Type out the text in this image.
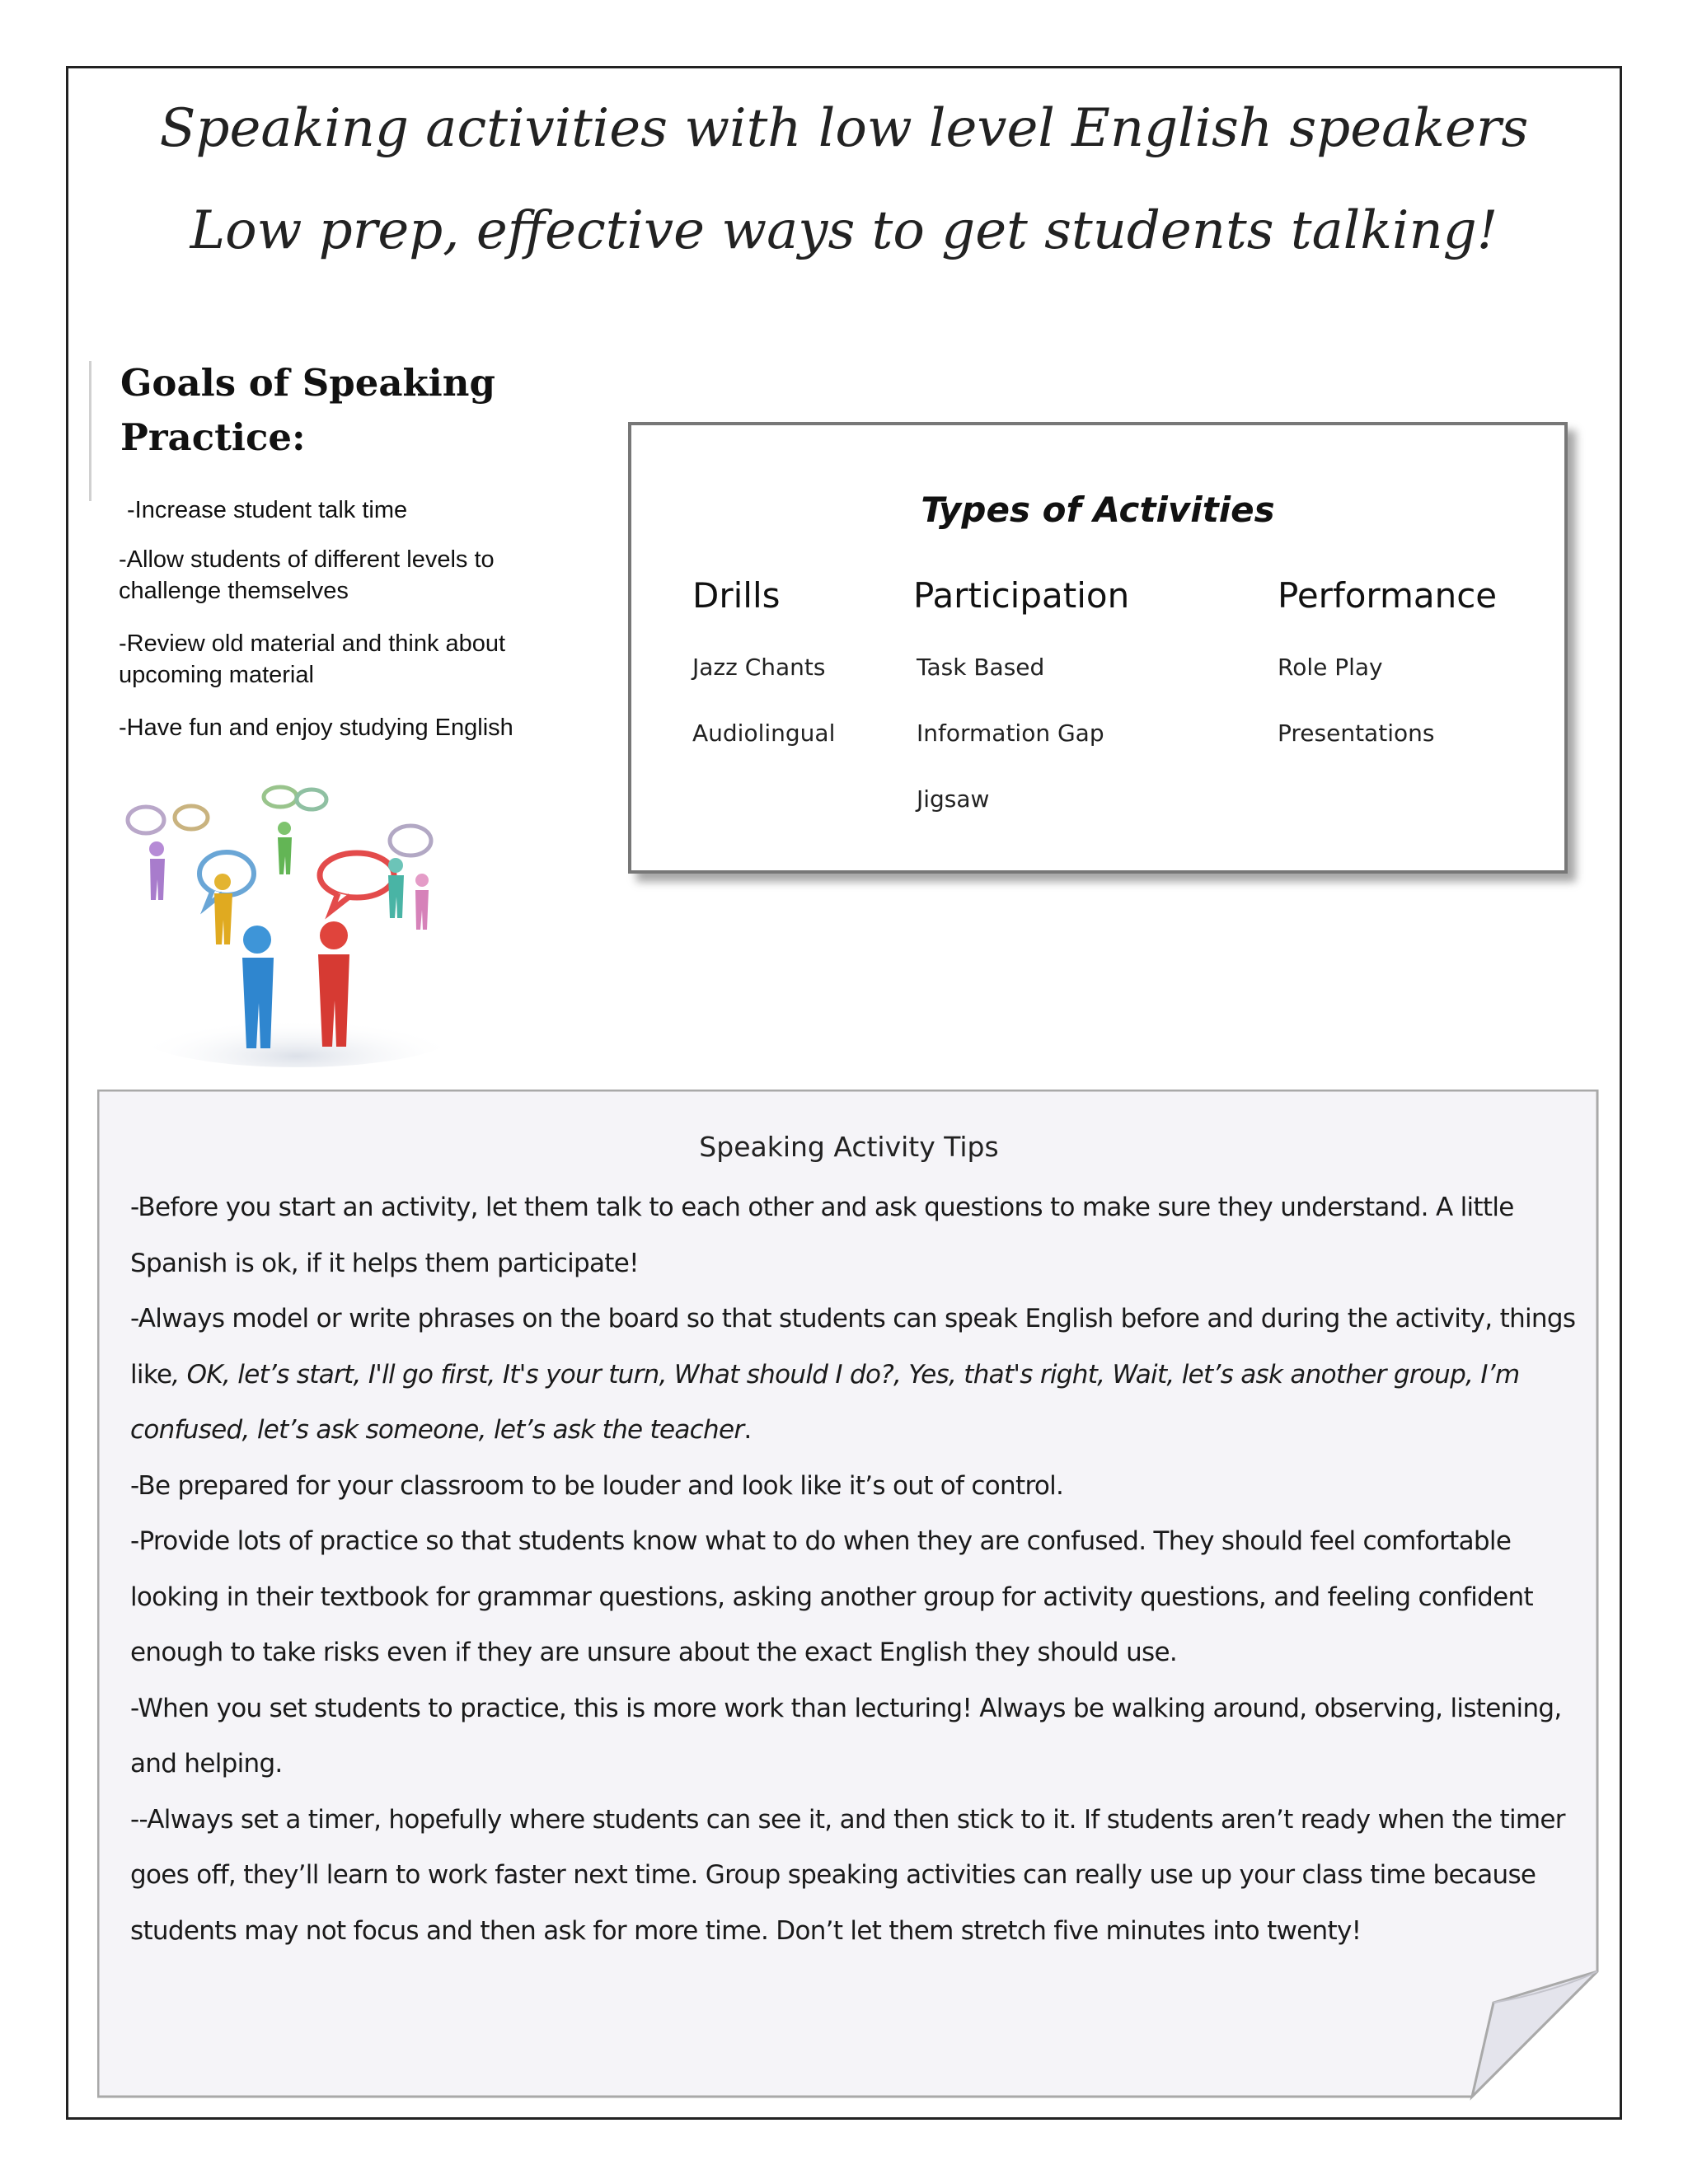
Speaking activities with low level English speakers
Low prep, effective ways to get students talking!
Goals of Speaking
Practice:
-Increase student talk time
-Allow students of different levels to challenge themselves
-Review old material and think about upcoming material
-Have fun and enjoy studying English
Types of Activities
Drills
Jazz Chants
Audiolingual
Participation
Task Based
Information Gap
Jigsaw
Performance
Role Play
Presentations
Speaking Activity Tips

-Before you start an activity, let them talk to each other and ask questions to make sure they understand. A little Spanish is ok, if it helps them participate!

-Always model or write phrases on the board so that students can speak English before and during the activity, things like, OK, let’s start, I'll go first, It's your turn, What should I do?, Yes, that's right, Wait, let’s ask another group, I’m confused, let’s ask someone, let’s ask the teacher.

-Be prepared for your classroom to be louder and look like it’s out of control.

-Provide lots of practice so that students know what to do when they are confused. They should feel comfortable looking in their textbook for grammar questions, asking another group for activity questions, and feeling confident enough to take risks even if they are unsure about the exact English they should use.

-When you set students to practice, this is more work than lecturing! Always be walking around, observing, listening, and helping.

--Always set a timer, hopefully where students can see it, and then stick to it. If students aren’t ready when the timer goes off, they’ll learn to work faster next time. Group speaking activities can really use up your class time because students may not focus and then ask for more time. Don’t let them stretch five minutes into twenty!
